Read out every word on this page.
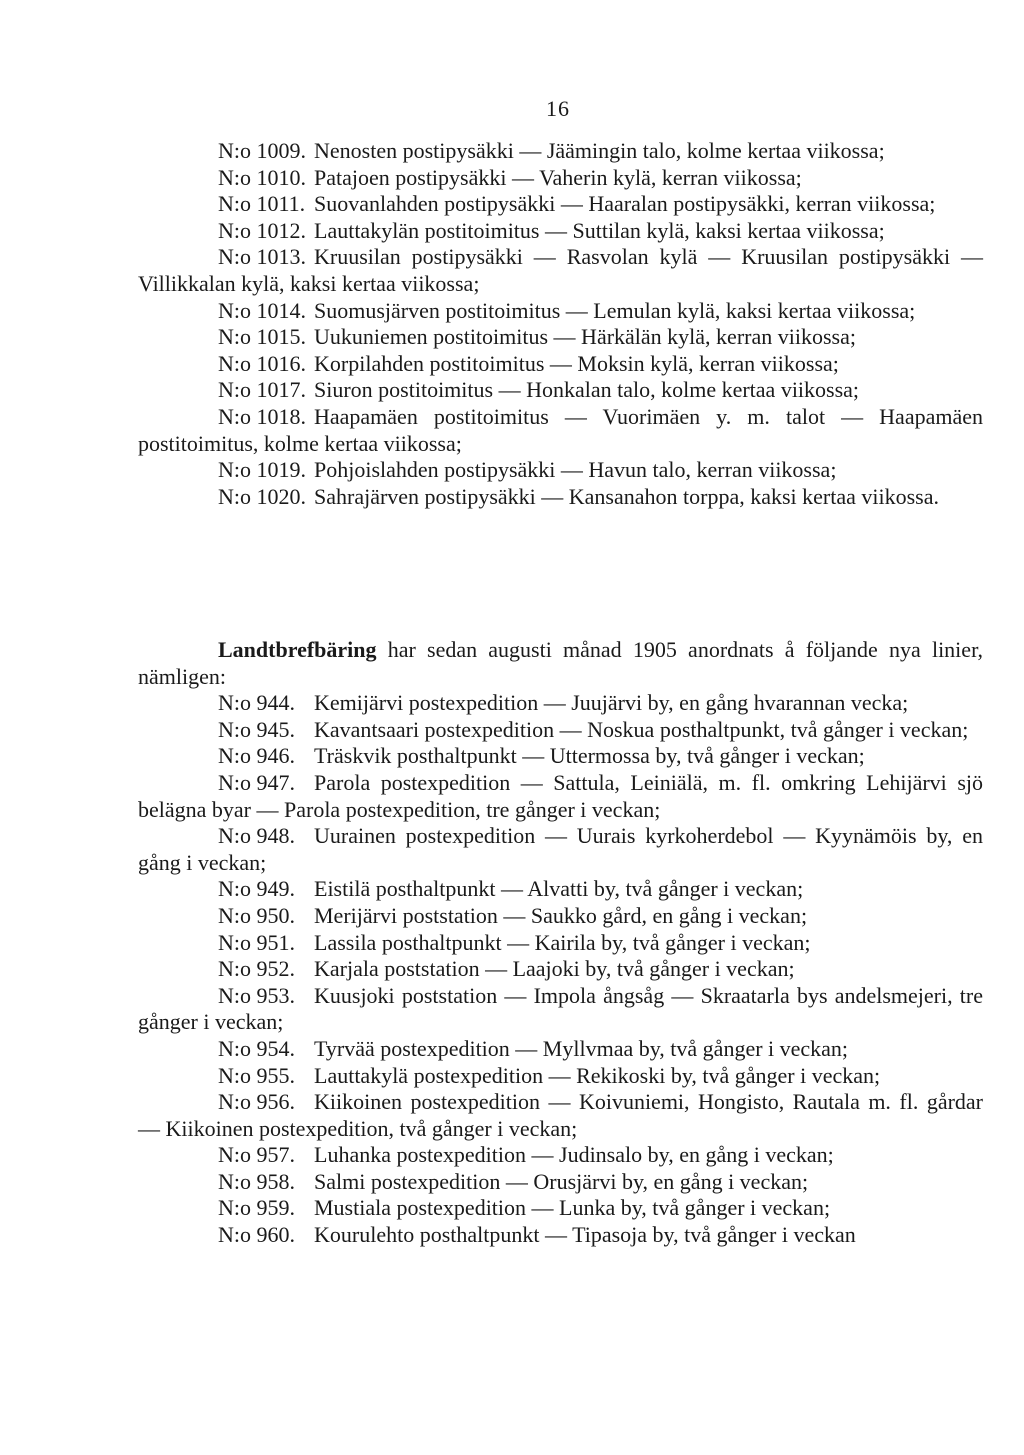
16

N:o 1009. Nenosten postipysäkki — Jäämingin talo, kolme kertaa viikossa;

N:o 1010. Patajoen postipysäkki — Vaherin kylä, kerran viikossa;

N:o 1011. Suovanlahden postipysäkki — Haaralan postipysäkki, kerran viikossa;

N:o 1012. Lauttakylän postitoimitus — Suttilan kylä, kaksi kertaa viikossa;

N:o 1013. Kruusilan postipysäkki — Rasvolan kylä — Kruusilan postipysäkki — Villikkalan kylä, kaksi kertaa viikossa;

N:o 1014. Suomusjärven postitoimitus — Lemulan kylä, kaksi kertaa viikossa;

N:o 1015. Uukuniemen postitoimitus — Härkälän kylä, kerran viikossa;

N:o 1016. Korpilahden postitoimitus — Moksin kylä, kerran viikossa;

N:o 1017. Siuron postitoimitus — Honkalan talo, kolme kertaa viikossa;

N:o 1018. Haapamäen postitoimitus — Vuorimäen y. m. talot — Haapamäen postitoimitus, kolme kertaa viikossa;

N:o 1019. Pohjoislahden postipysäkki — Havun talo, kerran viikossa;

N:o 1020. Sahrajärven postipysäkki — Kansanahon torppa, kaksi kertaa viikossa.

Landtbrefbäring har sedan augusti månad 1905 anordnats å följande nya linier, nämligen:

N:o 944. Kemijärvi postexpedition — Juujärvi by, en gång hvarannan vecka;

N:o 945. Kavantsaari postexpedition — Noskua posthaltpunkt, två gånger i veckan;

N:o 946. Träskvik posthaltpunkt — Uttermossa by, två gånger i veckan;

N:o 947. Parola postexpedition — Sattula, Leiniälä, m. fl. omkring Lehijärvi sjö belägna byar — Parola postexpedition, tre gånger i veckan;

N:o 948. Uurainen postexpedition — Uurais kyrkoherdebol — Kyynämöis by, en gång i veckan;

N:o 949. Eistilä posthaltpunkt — Alvatti by, två gånger i veckan;

N:o 950. Merijärvi poststation — Saukko gård, en gång i veckan;

N:o 951. Lassila posthaltpunkt — Kairila by, två gånger i veckan;

N:o 952. Karjala poststation — Laajoki by, två gånger i veckan;

N:o 953. Kuusjoki poststation — Impola ångsåg — Skraatarla bys andelsmejeri, tre gånger i veckan;

N:o 954. Tyrvää postexpedition — Myllvmaa by, två gånger i veckan;

N:o 955. Lauttakylä postexpedition — Rekikoski by, två gånger i veckan;

N:o 956. Kiikoinen postexpedition — Koivuniemi, Hongisto, Rautala m. fl. gårdar — Kiikoinen postexpedition, två gånger i veckan;

N:o 957. Luhanka postexpedition — Judinsalo by, en gång i veckan;

N:o 958. Salmi postexpedition — Orusjärvi by, en gång i veckan;

N:o 959. Mustiala postexpedition — Lunka by, två gånger i veckan;

N:o 960. Kourulehto posthaltpunkt — Tipasoja by, två gånger i veckan
